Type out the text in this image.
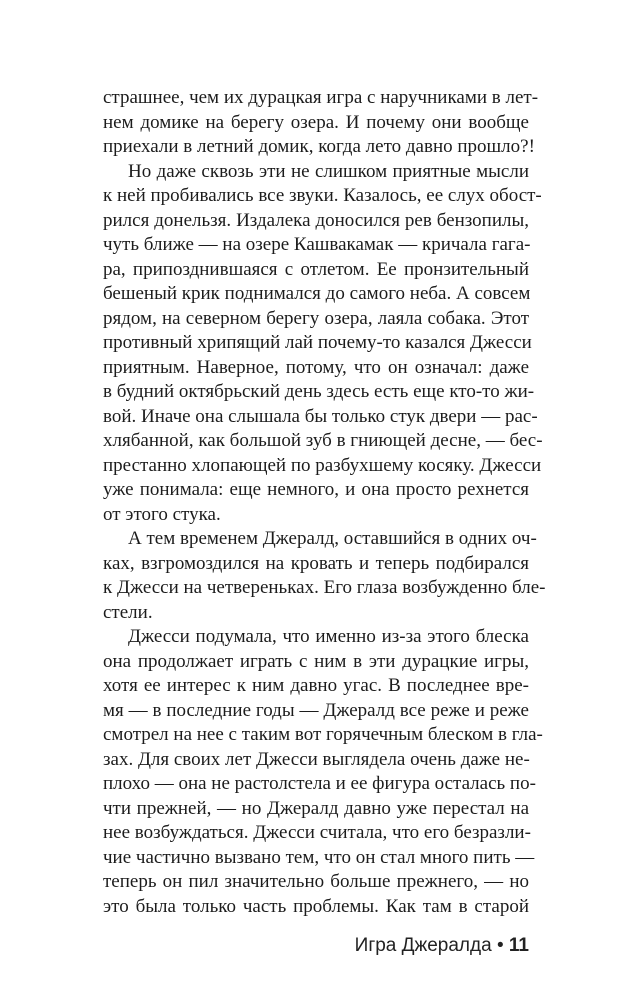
страшнее, чем их дурацкая игра с наручниками в лет-
нем домике на берегу озера. И почему они вообще
приехали в летний домик, когда лето давно прошло?!
Но даже сквозь эти не слишком приятные мысли
к ней пробивались все звуки. Казалось, ее слух обост-
рился донельзя. Издалека доносился рев бензопилы,
чуть ближе — на озере Кашвакамак — кричала гага-
ра, припозднившаяся с отлетом. Ее пронзительный
бешеный крик поднимался до самого неба. А совсем
рядом, на северном берегу озера, лаяла собака. Этот
противный хрипящий лай почему-то казался Джесси
приятным. Наверное, потому, что он означал: даже
в будний октябрьский день здесь есть еще кто-то жи-
вой. Иначе она слышала бы только стук двери — рас-
хлябанной, как большой зуб в гниющей десне, — бес-
престанно хлопающей по разбухшему косяку. Джесси
уже понимала: еще немного, и она просто рехнется
от этого стука.
А тем временем Джералд, оставшийся в одних оч-
ках, взгромоздился на кровать и теперь подбирался
к Джесси на четвереньках. Его глаза возбужденно бле-
стели.
Джесси подумала, что именно из-за этого блеска
она продолжает играть с ним в эти дурацкие игры,
хотя ее интерес к ним давно угас. В последнее вре-
мя — в последние годы — Джералд все реже и реже
смотрел на нее с таким вот горячечным блеском в гла-
зах. Для своих лет Джесси выглядела очень даже не-
плохо — она не растолстела и ее фигура осталась по-
чти прежней, — но Джералд давно уже перестал на
нее возбуждаться. Джесси считала, что его безразли-
чие частично вызвано тем, что он стал много пить —
теперь он пил значительно больше прежнего, — но
это была только часть проблемы. Как там в старой
Игра Джералда • 11
